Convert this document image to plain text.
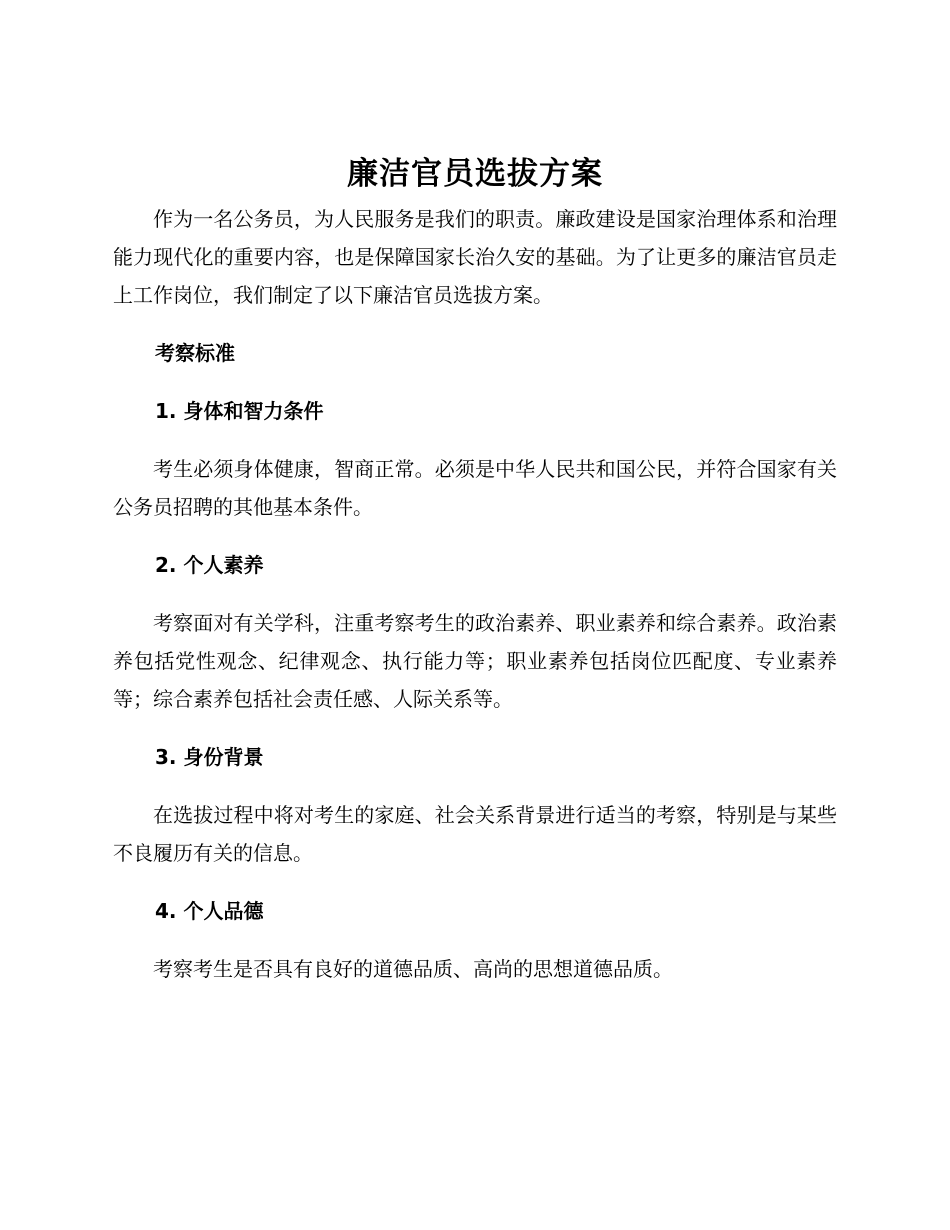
廉洁官员选拔方案

作为一名公务员，为人民服务是我们的职责。廉政建设是国家治理体系和治理能力现代化的重要内容，也是保障国家长治久安的基础。为了让更多的廉洁官员走上工作岗位，我们制定了以下廉洁官员选拔方案。

考察标准
1. 身体和智力条件

考生必须身体健康，智商正常。必须是中华人民共和国公民，并符合国家有关公务员招聘的其他基本条件。

2. 个人素养

考察面对有关学科，注重考察考生的政治素养、职业素养和综合素养。政治素养包括党性观念、纪律观念、执行能力等；职业素养包括岗位匹配度、专业素养等；综合素养包括社会责任感、人际关系等。

3. 身份背景

在选拔过程中将对考生的家庭、社会关系背景进行适当的考察，特别是与某些不良履历有关的信息。

4. 个人品德

考察考生是否具有良好的道德品质、高尚的思想道德品质。
